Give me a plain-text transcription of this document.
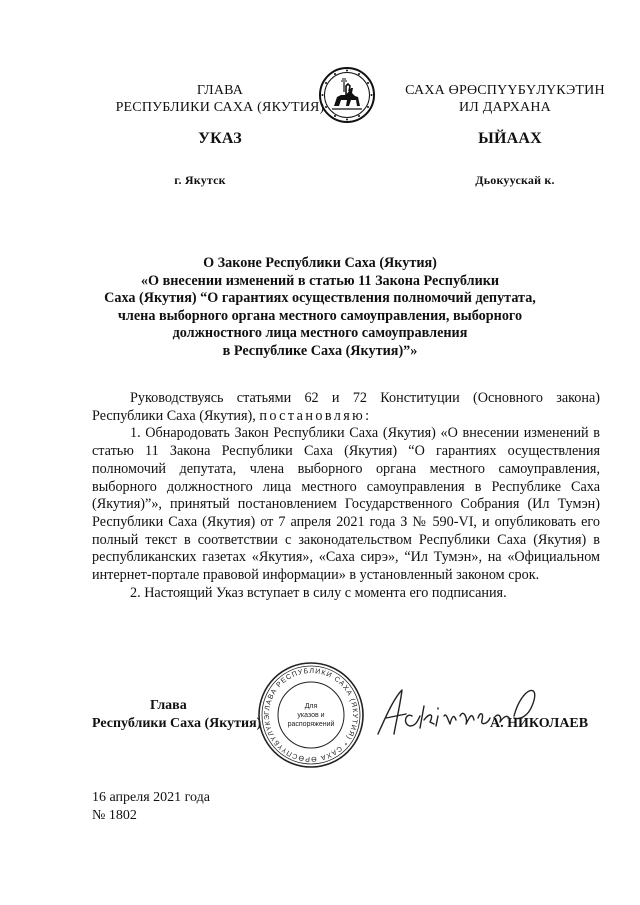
ГЛАВА
РЕСПУБЛИКИ САХА (ЯКУТИЯ)
САХА ӨРӨСПҮҮБҮЛҮКЭТИН
ИЛ ДАРХАНА
УКАЗ	ЫЙААХ
г. Якутск	Дьокуускай к.
О Законе Республики Саха (Якутия)
«О внесении изменений в статью 11 Закона Республики
Саха (Якутия) “О гарантиях осуществления полномочий депутата,
члена выборного органа местного самоуправления, выборного
должностного лица местного самоуправления
в Республике Саха (Якутия)”»

Руководствуясь статьями 62 и 72 Конституции (Основного закона) Республики Саха (Якутия), постановляю:

1. Обнародовать Закон Республики Саха (Якутия) «О внесении изменений в статью 11 Закона Республики Саха (Якутия) “О гарантиях осуществления полномочий депутата, члена выборного органа местного самоуправления, выборного должностного лица местного самоуправления в Республике Саха (Якутия)”», принятый постановлением Государственного Собрания (Ил Тумэн) Республики Саха (Якутия) от 7 апреля 2021 года З № 590-VI, и опубликовать его полный текст в соответствии с законодательством Республики Саха (Якутия) в республиканских газетах «Якутия», «Саха сирэ», “Ил Тумэн», на «Официальном интернет-портале правовой информации» в установленный законом срок.

2. Настоящий Указ вступает в силу с момента его подписания.

Глава
Республики Саха (Якутия)
ГЛАВА РЕСПУБЛИКИ САХА (ЯКУТИЯ) * САХА ӨРӨСПҮҮБҮЛҮКЭ
Для
указов и
распоряжений	А. НИКОЛАЕВ
16 апреля 2021 года
№ 1802
